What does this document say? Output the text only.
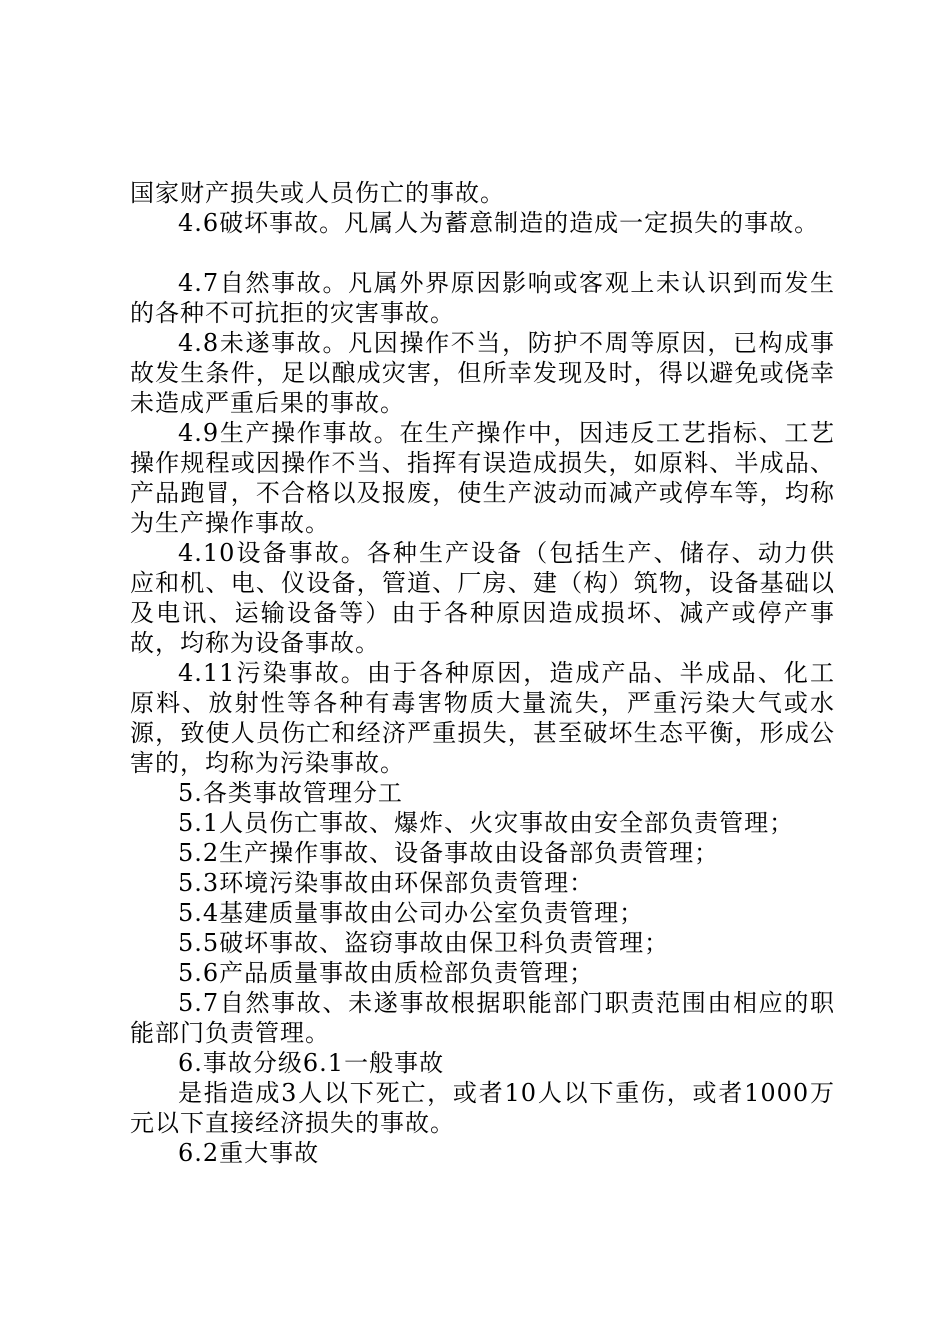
国家财产损失或人员伤亡的事故。

4.6破坏事故。凡属人为蓄意制造的造成一定损失的事故。

4.7自然事故。凡属外界原因影响或客观上未认识到而发生的各种不可抗拒的灾害事故。

4.8未遂事故。凡因操作不当，防护不周等原因，已构成事故发生条件，足以酿成灾害，但所幸发现及时，得以避免或侥幸未造成严重后果的事故。

4.9生产操作事故。在生产操作中，因违反工艺指标、工艺操作规程或因操作不当、指挥有误造成损失，如原料、半成品、产品跑冒，不合格以及报废，使生产波动而减产或停车等，均称为生产操作事故。

4.10设备事故。各种生产设备（包括生产、储存、动力供应和机、电、仪设备，管道、厂房、建（构）筑物，设备基础以及电讯、运输设备等）由于各种原因造成损坏、减产或停产事故，均称为设备事故。

4.11污染事故。由于各种原因，造成产品、半成品、化工原料、放射性等各种有毒害物质大量流失，严重污染大气或水源，致使人员伤亡和经济严重损失，甚至破坏生态平衡，形成公害的，均称为污染事故。

5.各类事故管理分工

5.1人员伤亡事故、爆炸、火灾事故由安全部负责管理；

5.2生产操作事故、设备事故由设备部负责管理；

5.3环境污染事故由环保部负责管理：

5.4基建质量事故由公司办公室负责管理；

5.5破坏事故、盗窃事故由保卫科负责管理；

5.6产品质量事故由质检部负责管理；

5.7自然事故、未遂事故根据职能部门职责范围由相应的职能部门负责管理。

6.事故分级6.1一般事故

是指造成3人以下死亡，或者10人以下重伤，或者1000万元以下直接经济损失的事故。

6.2重大事故
